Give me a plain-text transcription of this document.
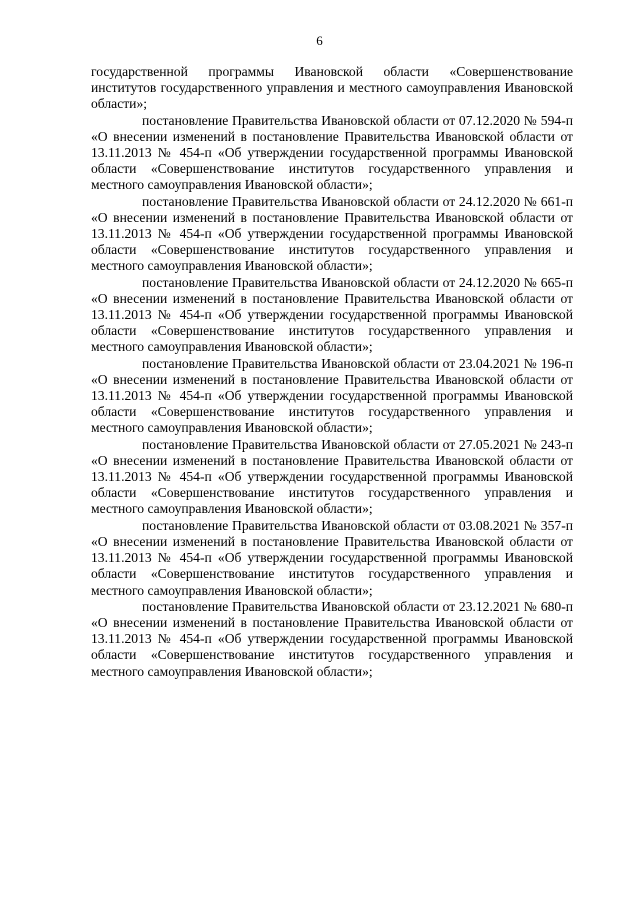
6

государственной программы Ивановской области «Совершенствование институтов государственного управления и местного самоуправления Ивановской области»;

постановление Правительства Ивановской области от 07.12.2020 № 594-п «О внесении изменений в постановление Правительства Ивановской области от 13.11.2013 № 454-п «Об утверждении государственной программы Ивановской области «Совершенствование институтов государственного управления и местного самоуправления Ивановской области»;

постановление Правительства Ивановской области от 24.12.2020 № 661-п «О внесении изменений в постановление Правительства Ивановской области от 13.11.2013 № 454-п «Об утверждении государственной программы Ивановской области «Совершенствование институтов государственного управления и местного самоуправления Ивановской области»;

постановление Правительства Ивановской области от 24.12.2020 № 665-п «О внесении изменений в постановление Правительства Ивановской области от 13.11.2013 № 454-п «Об утверждении государственной программы Ивановской области «Совершенствование институтов государственного управления и местного самоуправления Ивановской области»;

постановление Правительства Ивановской области от 23.04.2021 № 196-п «О внесении изменений в постановление Правительства Ивановской области от 13.11.2013 № 454-п «Об утверждении государственной программы Ивановской области «Совершенствование институтов государственного управления и местного самоуправления Ивановской области»;

постановление Правительства Ивановской области от 27.05.2021 № 243-п «О внесении изменений в постановление Правительства Ивановской области от 13.11.2013 № 454-п «Об утверждении государственной программы Ивановской области «Совершенствование институтов государственного управления и местного самоуправления Ивановской области»;

постановление Правительства Ивановской области от 03.08.2021 № 357-п «О внесении изменений в постановление Правительства Ивановской области от 13.11.2013 № 454-п «Об утверждении государственной программы Ивановской области «Совершенствование институтов государственного управления и местного самоуправления Ивановской области»;

постановление Правительства Ивановской области от 23.12.2021 № 680-п «О внесении изменений в постановление Правительства Ивановской области от 13.11.2013 № 454-п «Об утверждении государственной программы Ивановской области «Совершенствование институтов государственного управления и местного самоуправления Ивановской области»;
